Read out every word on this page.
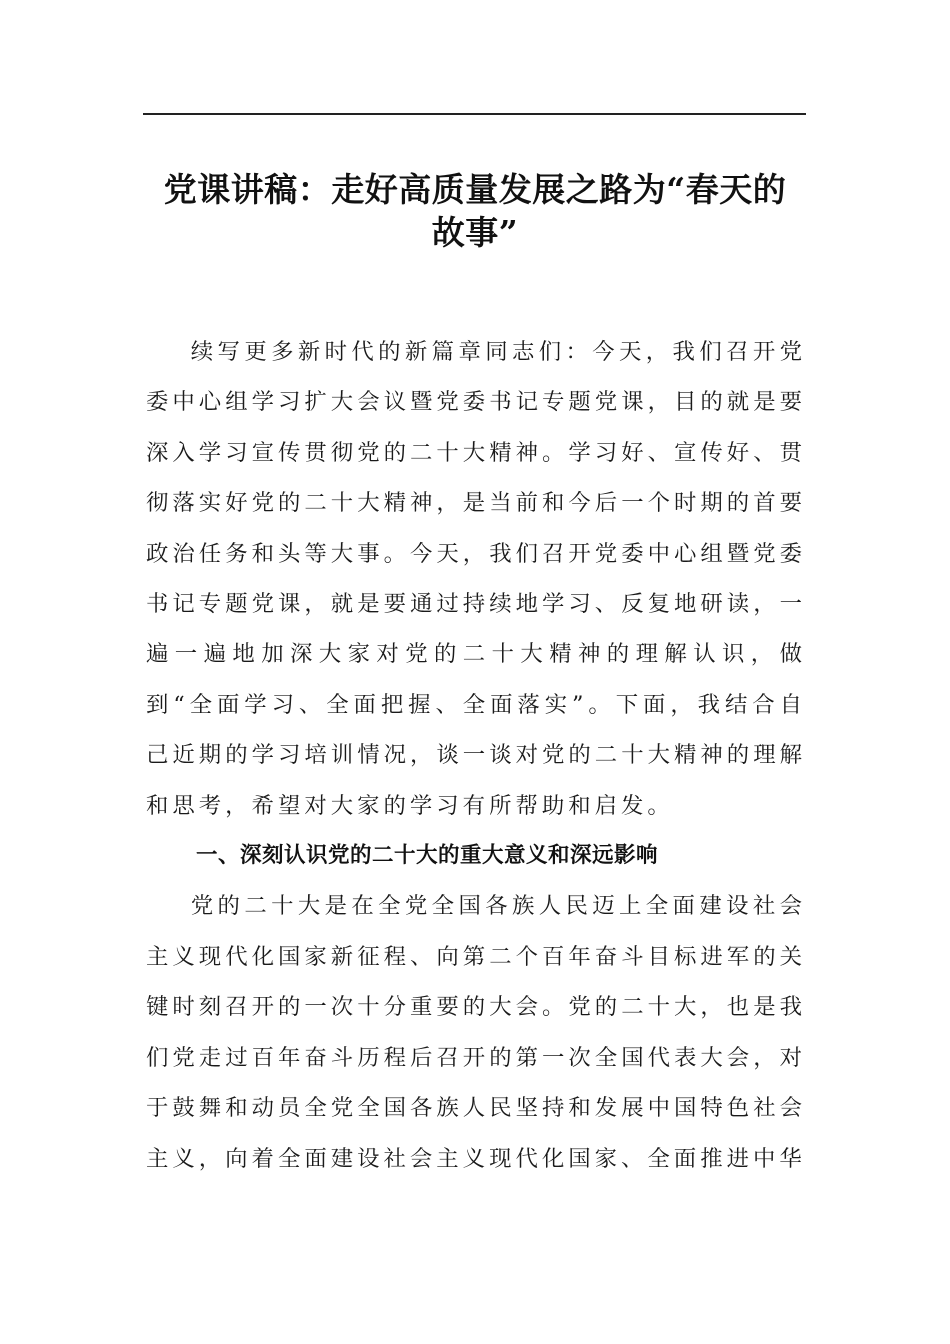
党课讲稿：走好高质量发展之路为“春天的故事”

续写更多新时代的新篇章同志们：今天，我们召开党委中心组学习扩大会议暨党委书记专题党课，目的就是要深入学习宣传贯彻党的二十大精神。学习好、宣传好、贯彻落实好党的二十大精神，是当前和今后一个时期的首要政治任务和头等大事。今天，我们召开党委中心组暨党委书记专题党课，就是要通过持续地学习、反复地研读，一遍一遍地加深大家对党的二十大精神的理解认识，做到“全面学习、全面把握、全面落实”。下面，我结合自己近期的学习培训情况，谈一谈对党的二十大精神的理解和思考，希望对大家的学习有所帮助和启发。

一、深刻认识党的二十大的重大意义和深远影响

党的二十大是在全党全国各族人民迈上全面建设社会主义现代化国家新征程、向第二个百年奋斗目标进军的关键时刻召开的一次十分重要的大会。党的二十大，也是我们党走过百年奋斗历程后召开的第一次全国代表大会，对于鼓舞和动员全党全国各族人民坚持和发展中国特色社会主义，向着全面建设社会主义现代化国家、全面推进中华
